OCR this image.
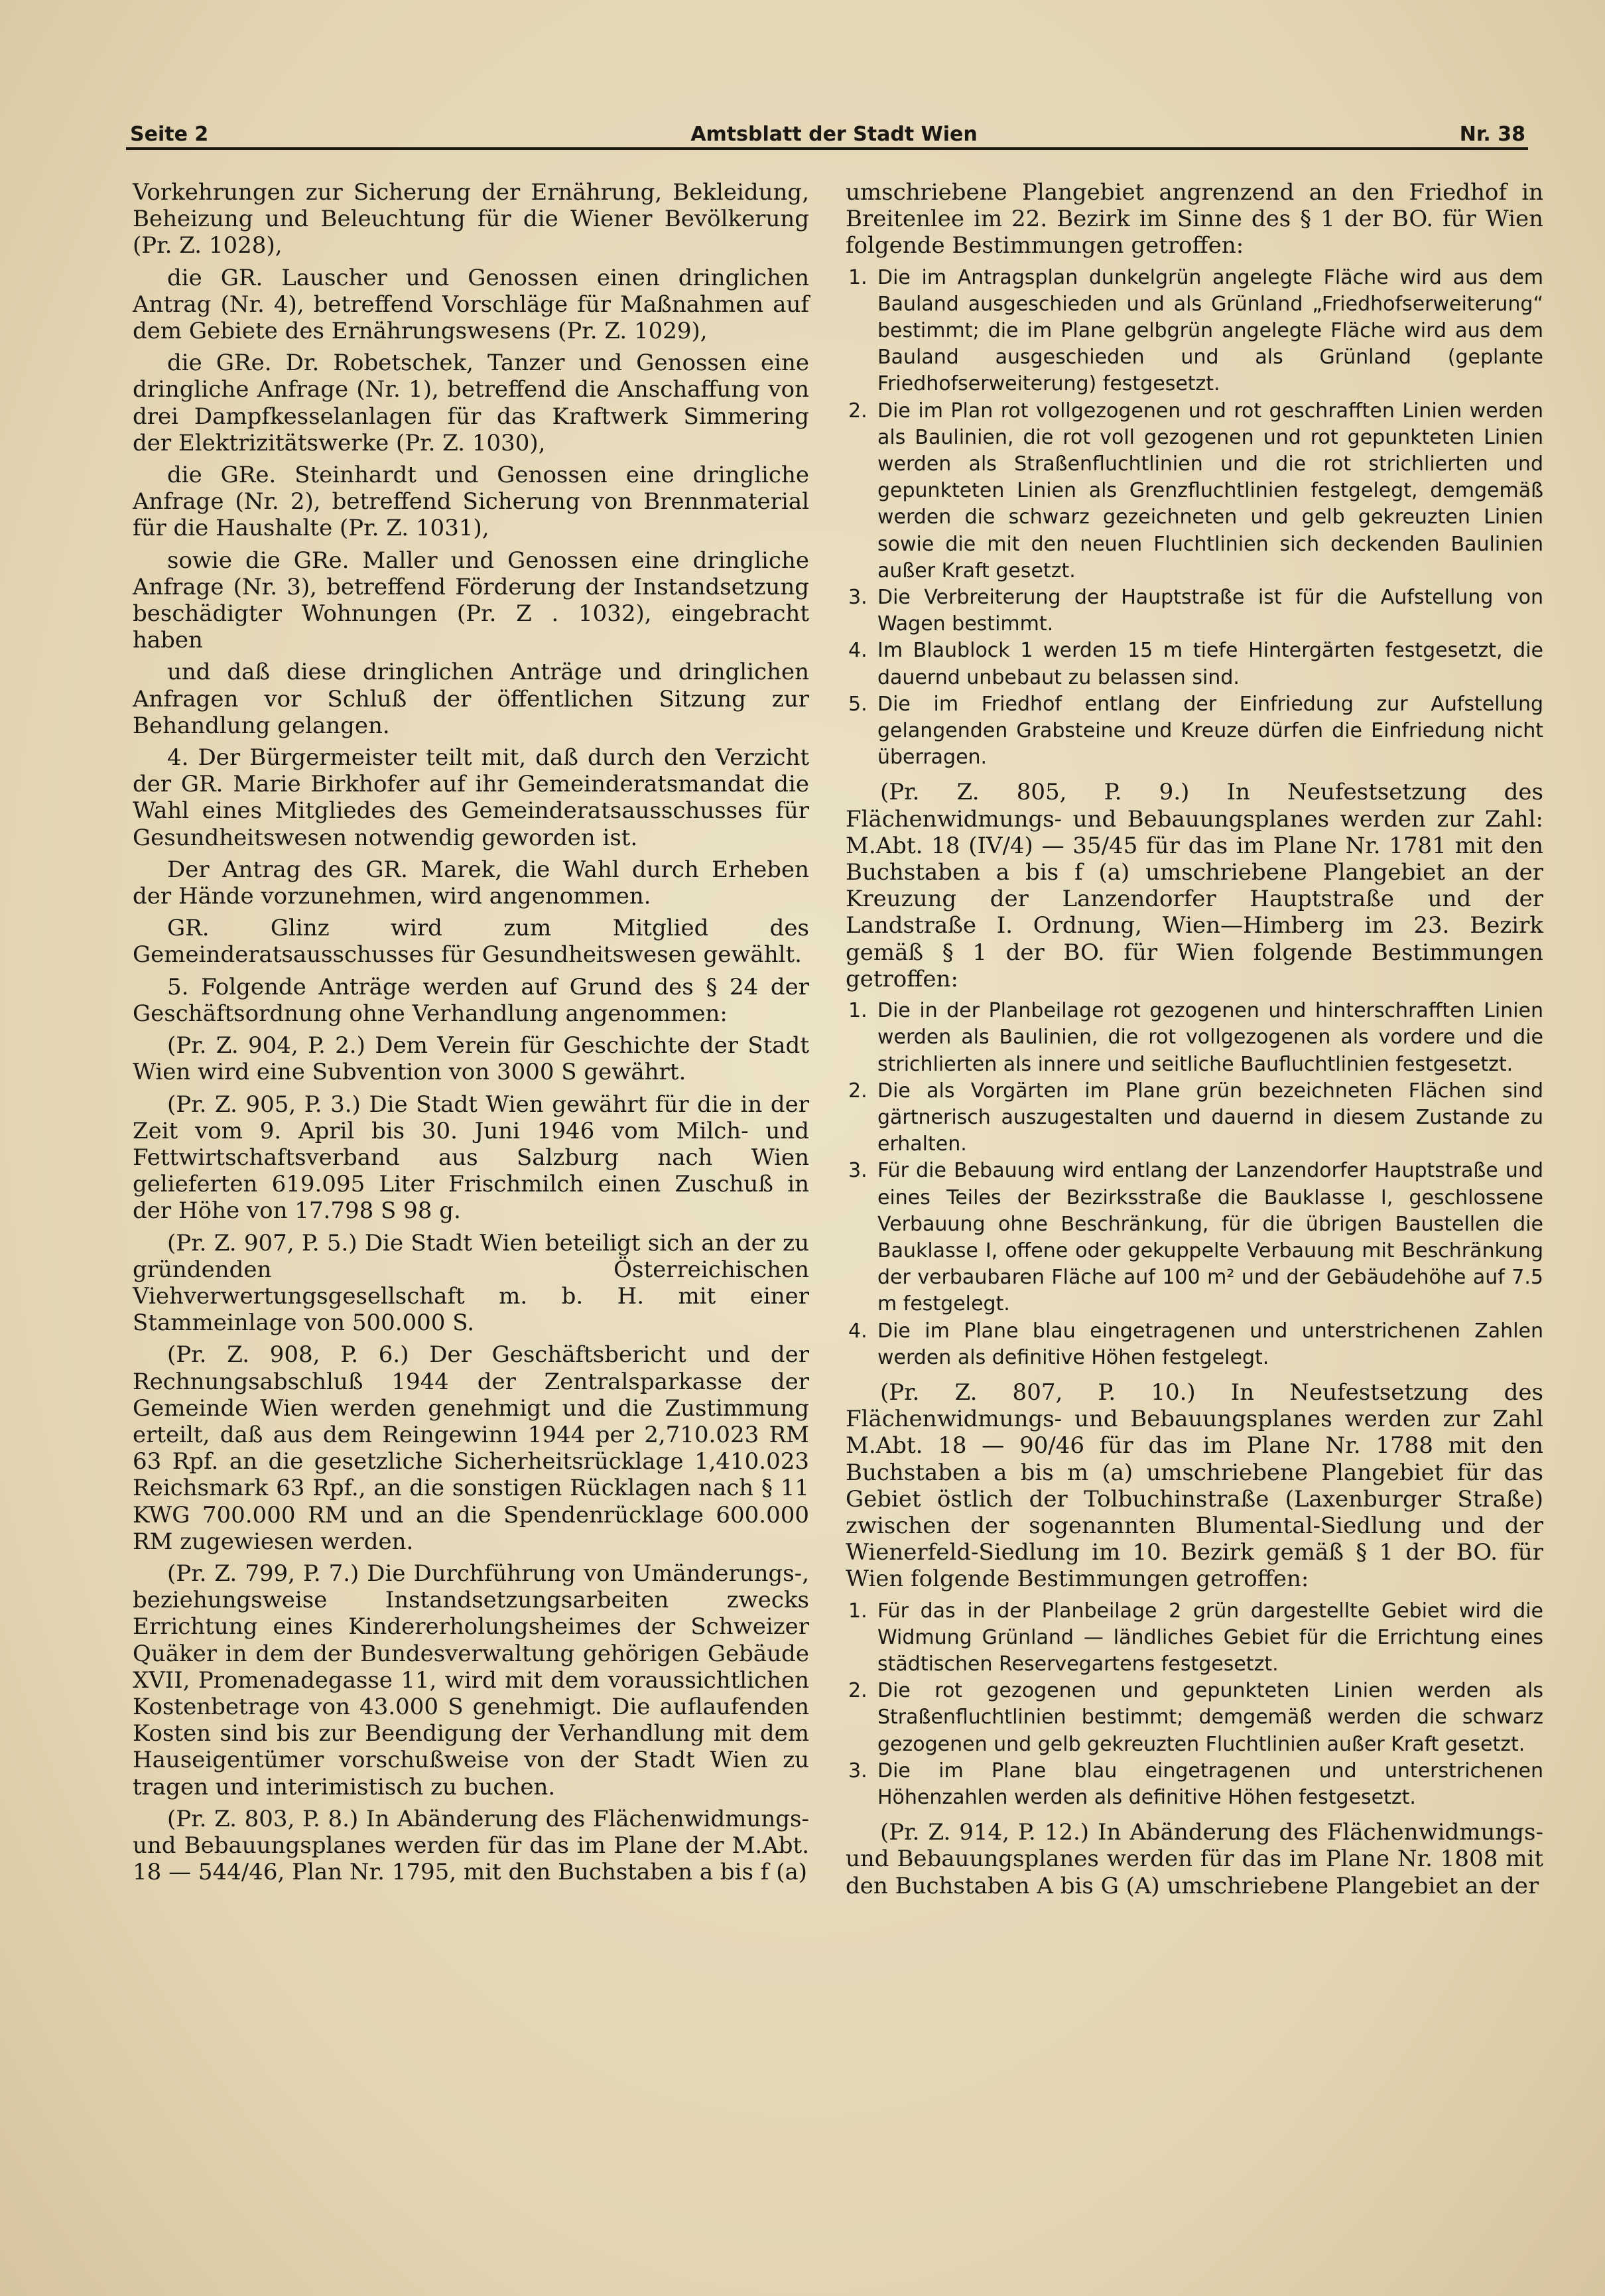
Seite 2	Amtsblatt der Stadt Wien	Nr. 38

Vorkehrungen zur Sicherung der Ernährung, Bekleidung, Beheizung und Beleuchtung für die Wiener Bevölkerung (Pr. Z. 1028),

die GR. Lauscher und Genossen einen dringlichen Antrag (Nr. 4), betreffend Vorschläge für Maßnahmen auf dem Gebiete des Ernährungswesens (Pr. Z. 1029),

die GRe. Dr. Robetschek, Tanzer und Genossen eine dringliche Anfrage (Nr. 1), betreffend die Anschaffung von drei Dampfkesselanlagen für das Kraftwerk Simmering der Elektrizitätswerke (Pr. Z. 1030),

die GRe. Steinhardt und Genossen eine dringliche Anfrage (Nr. 2), betreffend Sicherung von Brennmaterial für die Haushalte (Pr. Z. 1031),

sowie die GRe. Maller und Genossen eine dringliche Anfrage (Nr. 3), betreffend Förderung der Instandsetzung beschädigter Wohnungen (Pr. Z . 1032), eingebracht haben

und daß diese dringlichen Anträge und dringlichen Anfragen vor Schluß der öffentlichen Sitzung zur Behandlung gelangen.

4. Der Bürgermeister teilt mit, daß durch den Verzicht der GR. Marie Birkhofer auf ihr Gemeinderatsmandat die Wahl eines Mitgliedes des Gemeinderatsausschusses für Gesundheitswesen notwendig geworden ist.

Der Antrag des GR. Marek, die Wahl durch Erheben der Hände vorzunehmen, wird angenommen.

GR. Glinz wird zum Mitglied des Gemeinderatsausschusses für Gesundheitswesen gewählt.

5. Folgende Anträge werden auf Grund des § 24 der Geschäftsordnung ohne Verhandlung angenommen:

(Pr. Z. 904, P. 2.) Dem Verein für Geschichte der Stadt Wien wird eine Subvention von 3000 S gewährt.

(Pr. Z. 905, P. 3.) Die Stadt Wien gewährt für die in der Zeit vom 9. April bis 30. Juni 1946 vom Milch- und Fettwirtschaftsverband aus Salzburg nach Wien gelieferten 619.095 Liter Frischmilch einen Zuschuß in der Höhe von 17.798 S 98 g.

(Pr. Z. 907, P. 5.) Die Stadt Wien beteiligt sich an der zu gründenden Österreichischen Viehverwertungsgesellschaft m. b. H. mit einer Stammeinlage von 500.000 S.

(Pr. Z. 908, P. 6.) Der Geschäftsbericht und der Rechnungsabschluß 1944 der Zentralsparkasse der Gemeinde Wien werden genehmigt und die Zustimmung erteilt, daß aus dem Reingewinn 1944 per 2,710.023 RM 63 Rpf. an die gesetzliche Sicherheitsrücklage 1,410.023 Reichsmark 63 Rpf., an die sonstigen Rücklagen nach § 11 KWG 700.000 RM und an die Spendenrücklage 600.000 RM zugewiesen werden.

(Pr. Z. 799, P. 7.) Die Durchführung von Umänderungs-, beziehungsweise Instandsetzungsarbeiten zwecks Errichtung eines Kindererholungsheimes der Schweizer Quäker in dem der Bundesverwaltung gehörigen Gebäude XVII, Promenadegasse 11, wird mit dem voraussichtlichen Kostenbetrage von 43.000 S genehmigt. Die auflaufenden Kosten sind bis zur Beendigung der Verhandlung mit dem Hauseigentümer vorschußweise von der Stadt Wien zu tragen und interimistisch zu buchen.

(Pr. Z. 803, P. 8.) In Abänderung des Flächenwidmungs- und Bebauungsplanes werden für das im Plane der M.Abt. 18 — 544/46, Plan Nr. 1795, mit den Buchstaben a bis f (a)

umschriebene Plangebiet angrenzend an den Friedhof in Breitenlee im 22. Bezirk im Sinne des § 1 der BO. für Wien folgende Bestimmungen getroffen:

1. Die im Antragsplan dunkelgrün angelegte Fläche wird aus dem Bauland ausgeschieden und als Grünland „Friedhofserweiterung“ bestimmt; die im Plane gelbgrün angelegte Fläche wird aus dem Bauland ausgeschieden und als Grünland (geplante Friedhofserweiterung) festgesetzt.
2. Die im Plan rot vollgezogenen und rot geschrafften Linien werden als Baulinien, die rot voll gezogenen und rot gepunkteten Linien werden als Straßenfluchtlinien und die rot strichlierten und gepunkteten Linien als Grenzfluchtlinien festgelegt, demgemäß werden die schwarz gezeichneten und gelb gekreuzten Linien sowie die mit den neuen Fluchtlinien sich deckenden Baulinien außer Kraft gesetzt.
3. Die Verbreiterung der Hauptstraße ist für die Aufstellung von Wagen bestimmt.
4. Im Blaublock 1 werden 15 m tiefe Hintergärten festgesetzt, die dauernd unbebaut zu belassen sind.
5. Die im Friedhof entlang der Einfriedung zur Aufstellung gelangenden Grabsteine und Kreuze dürfen die Einfriedung nicht überragen.

(Pr. Z. 805, P. 9.) In Neufestsetzung des Flächenwidmungs- und Bebauungsplanes werden zur Zahl: M.Abt. 18 (IV/4) — 35/45 für das im Plane Nr. 1781 mit den Buchstaben a bis f (a) umschriebene Plangebiet an der Kreuzung der Lanzendorfer Hauptstraße und der Landstraße I. Ordnung, Wien—Himberg im 23. Bezirk gemäß § 1 der BO. für Wien folgende Bestimmungen getroffen:

1. Die in der Planbeilage rot gezogenen und hinterschrafften Linien werden als Baulinien, die rot vollgezogenen als vordere und die strichlierten als innere und seitliche Baufluchtlinien festgesetzt.
2. Die als Vorgärten im Plane grün bezeichneten Flächen sind gärtnerisch auszugestalten und dauernd in diesem Zustande zu erhalten.
3. Für die Bebauung wird entlang der Lanzendorfer Hauptstraße und eines Teiles der Bezirksstraße die Bauklasse I, geschlossene Verbauung ohne Beschränkung, für die übrigen Baustellen die Bauklasse I, offene oder gekuppelte Verbauung mit Beschränkung der verbaubaren Fläche auf 100 m² und der Gebäudehöhe auf 7.5 m festgelegt.
4. Die im Plane blau eingetragenen und unterstrichenen Zahlen werden als definitive Höhen festgelegt.

(Pr. Z. 807, P. 10.) In Neufestsetzung des Flächenwidmungs- und Bebauungsplanes werden zur Zahl M.Abt. 18 — 90/46 für das im Plane Nr. 1788 mit den Buchstaben a bis m (a) umschriebene Plangebiet für das Gebiet östlich der Tolbuchinstraße (Laxenburger Straße) zwischen der sogenannten Blumental-Siedlung und der Wienerfeld-Siedlung im 10. Bezirk gemäß § 1 der BO. für Wien folgende Bestimmungen getroffen:

1. Für das in der Planbeilage 2 grün dargestellte Gebiet wird die Widmung Grünland — ländliches Gebiet für die Errichtung eines städtischen Reservegartens festgesetzt.
2. Die rot gezogenen und gepunkteten Linien werden als Straßenfluchtlinien bestimmt; demgemäß werden die schwarz gezogenen und gelb gekreuzten Fluchtlinien außer Kraft gesetzt.
3. Die im Plane blau eingetragenen und unterstrichenen Höhenzahlen werden als definitive Höhen festgesetzt.

(Pr. Z. 914, P. 12.) In Abänderung des Flächenwidmungs- und Bebauungsplanes werden für das im Plane Nr. 1808 mit den Buchstaben A bis G (A) umschriebene Plangebiet an der
